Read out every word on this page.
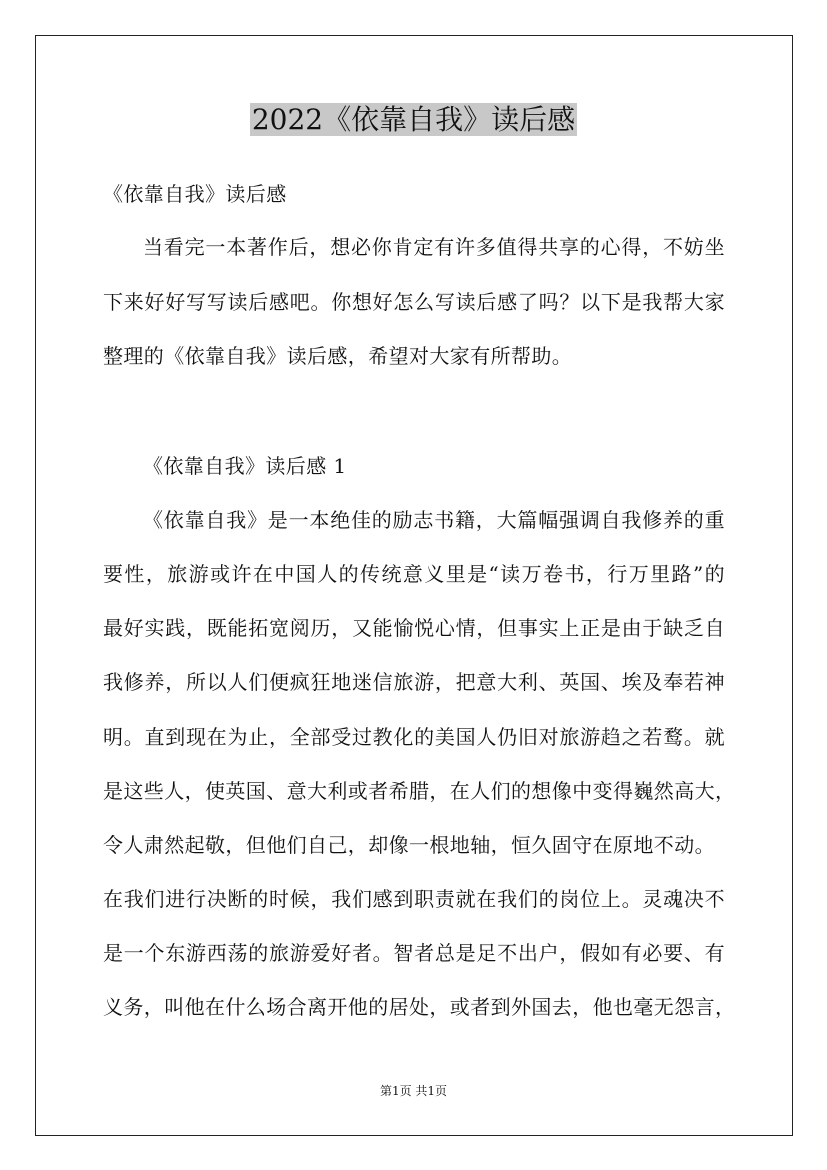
2022《依靠自我》读后感
《依靠自我》读后感
当看完一本著作后，想必你肯定有许多值得共享的心得，不妨坐
下来好好写写读后感吧。你想好怎么写读后感了吗？以下是我帮大家
整理的《依靠自我》读后感，希望对大家有所帮助。
《依靠自我》读后感 1
《依靠自我》是一本绝佳的励志书籍，大篇幅强调自我修养的重
要性，旅游或许在中国人的传统意义里是“读万卷书，行万里路”的
最好实践，既能拓宽阅历，又能愉悦心情，但事实上正是由于缺乏自
我修养，所以人们便疯狂地迷信旅游，把意大利、英国、埃及奉若神
明。直到现在为止，全部受过教化的美国人仍旧对旅游趋之若鹜。就
是这些人，使英国、意大利或者希腊，在人们的想像中变得巍然高大，
令人肃然起敬，但他们自己，却像一根地轴，恒久固守在原地不动。
在我们进行决断的时候，我们感到职责就在我们的岗位上。灵魂决不
是一个东游西荡的旅游爱好者。智者总是足不出户，假如有必要、有
义务，叫他在什么场合离开他的居处，或者到外国去，他也毫无怨言，
第1页 共1页
